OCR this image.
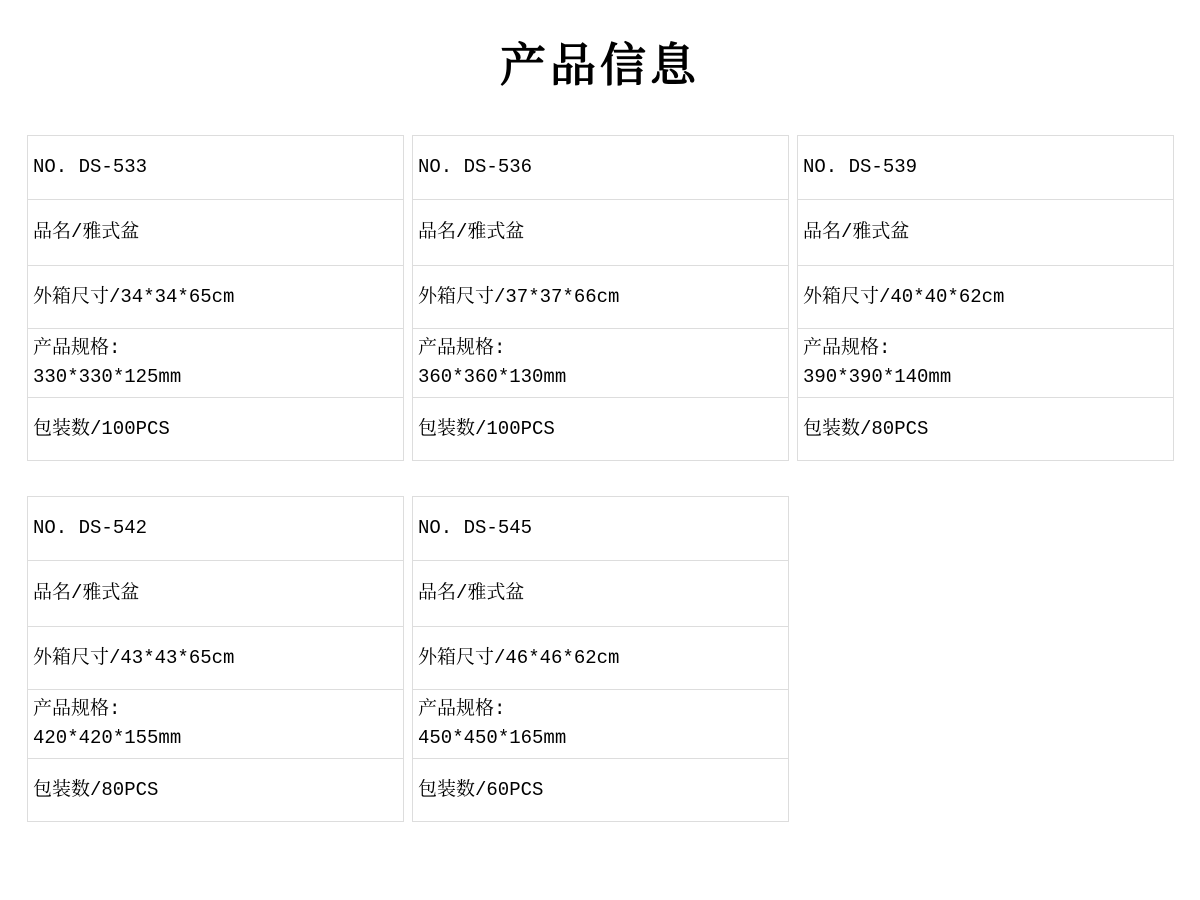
产品信息
NO. DS-533
品名/雅式盆
外箱尺寸/34*34*65cm
产品规格:
330*330*125mm
包装数/100PCS
NO. DS-536
品名/雅式盆
外箱尺寸/37*37*66cm
产品规格:
360*360*130mm
包装数/100PCS
NO. DS-539
品名/雅式盆
外箱尺寸/40*40*62cm
产品规格:
390*390*140mm
包装数/80PCS
NO. DS-542
品名/雅式盆
外箱尺寸/43*43*65cm
产品规格:
420*420*155mm
包装数/80PCS
NO. DS-545
品名/雅式盆
外箱尺寸/46*46*62cm
产品规格:
450*450*165mm
包装数/60PCS
